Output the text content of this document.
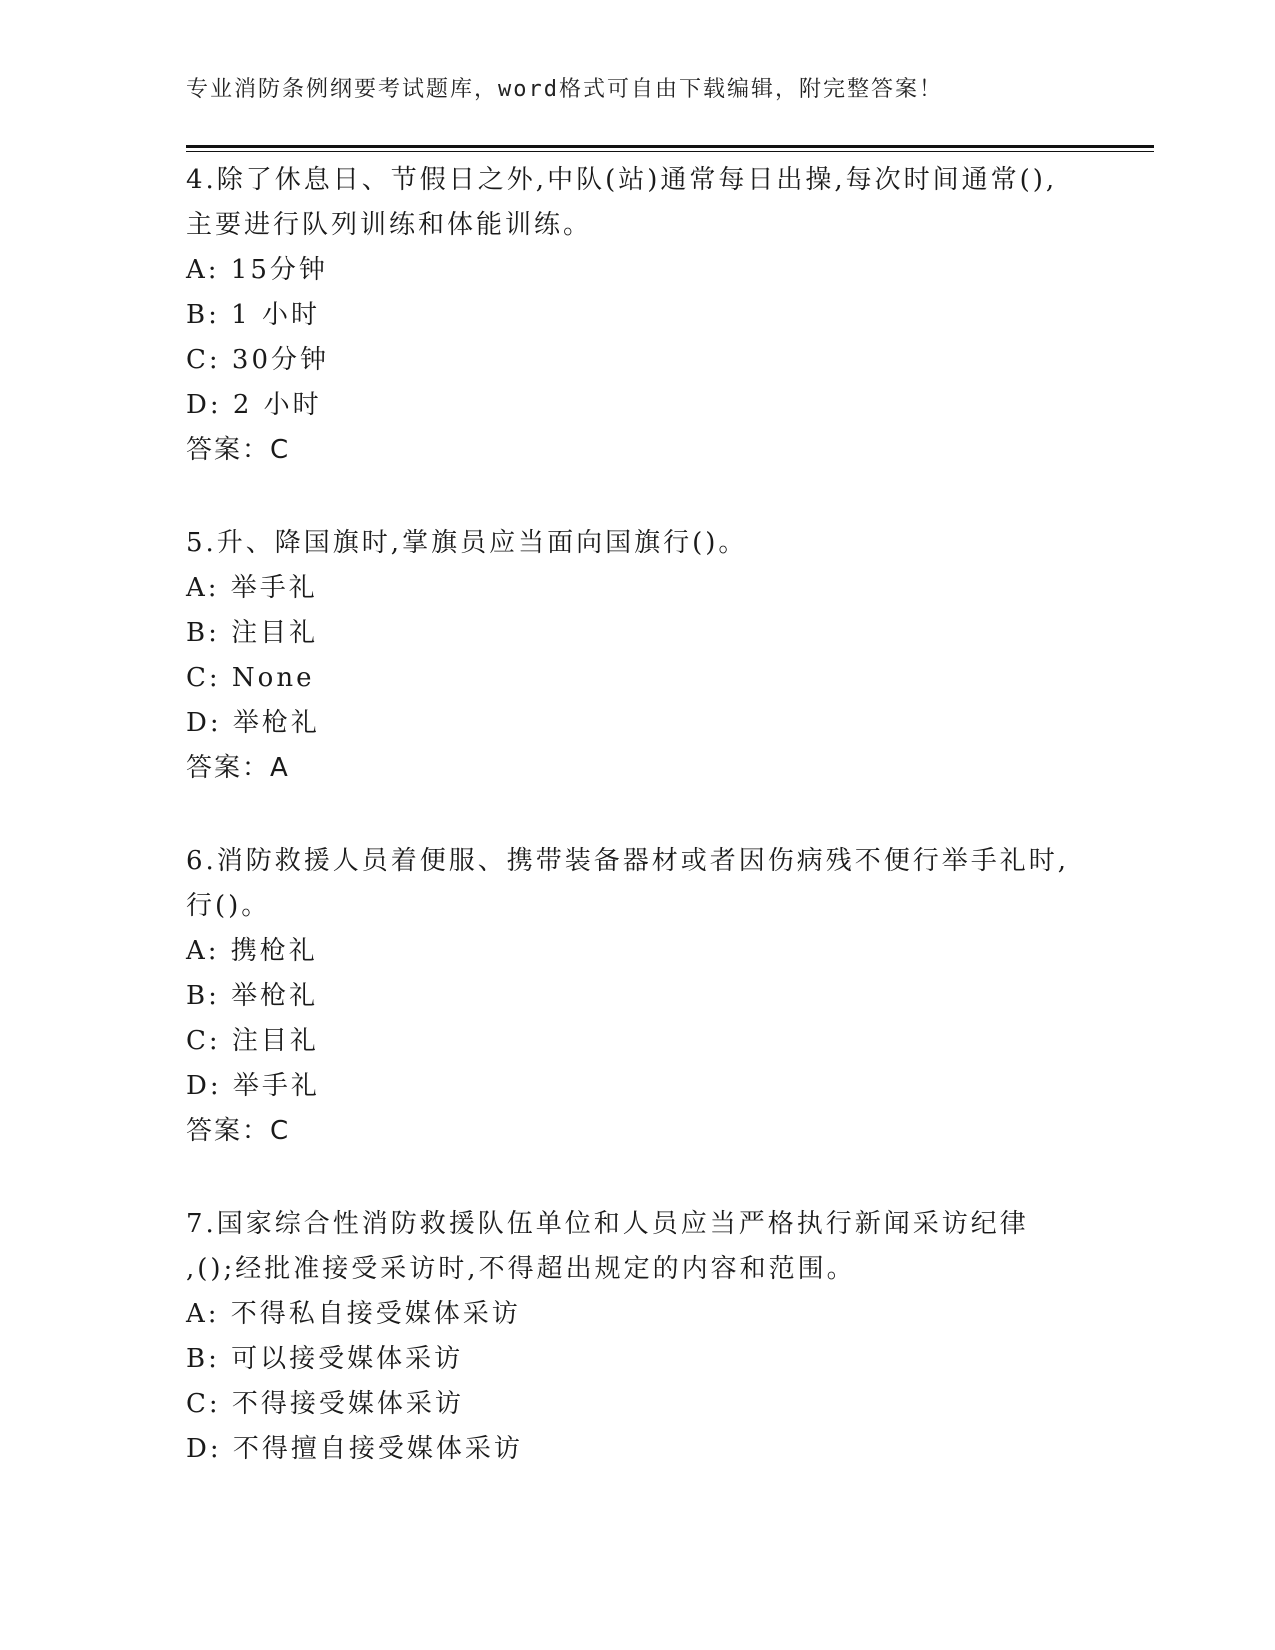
专业消防条例纲要考试题库，word格式可自由下载编辑，附完整答案！

4.除了休息日、节假日之外,中队(站)通常每日出操,每次时间通常(),

主要进行队列训练和体能训练。

A: 15分钟

B: 1 小时

C: 30分钟

D: 2 小时

答案：C

5.升、降国旗时,掌旗员应当面向国旗行()。

A: 举手礼

B: 注目礼

C: None

D: 举枪礼

答案：A

6.消防救援人员着便服、携带装备器材或者因伤病残不便行举手礼时,

行()。

A: 携枪礼

B: 举枪礼

C: 注目礼

D: 举手礼

答案：C

7.国家综合性消防救援队伍单位和人员应当严格执行新闻采访纪律

,();经批准接受采访时,不得超出规定的内容和范围。

A: 不得私自接受媒体采访

B: 可以接受媒体采访

C: 不得接受媒体采访

D: 不得擅自接受媒体采访
